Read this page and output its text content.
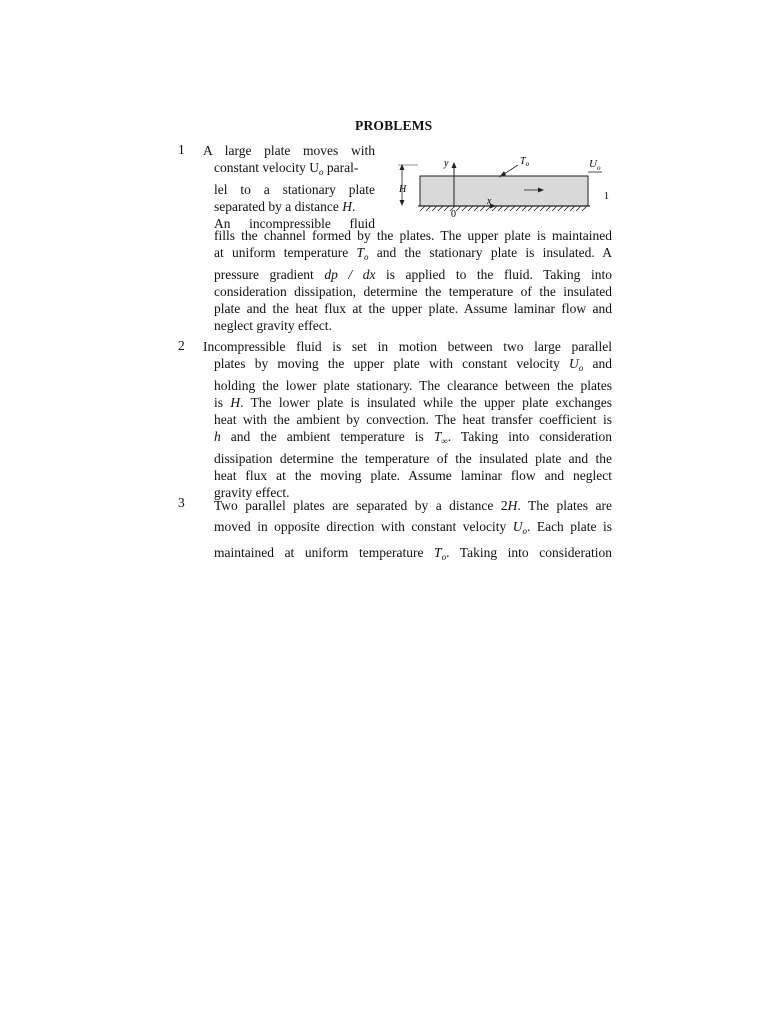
PROBLEMS
1 A large plate moves with
constant velocity $U_o$ paral-
lel to a stationary plate
separated by a distance H.
An incompressible fluid
y
x
0
H
$T_o$	$U_o$
1
fills the channel formed by the plates. The upper plate is maintained
at uniform temperature $T_o$ and the stationary plate is insulated. A
pressure gradient dp / dx is applied to the fluid. Taking into
consideration dissipation, determine the temperature of the insulated
plate and the heat flux at the upper plate. Assume laminar flow and
neglect gravity effect.
2 Incompressible fluid is set in motion between two large parallel
plates by moving the upper plate with constant velocity $U_o$ and
holding the lower plate stationary. The clearance between the plates
is H. The lower plate is insulated while the upper plate exchanges
heat with the ambient by convection. The heat transfer coefficient is
h and the ambient temperature is $T_\infty$. Taking into consideration
dissipation determine the temperature of the insulated plate and the
heat flux at the moving plate. Assume laminar flow and neglect
gravity effect.
3 Two parallel plates are separated by a distance 2H. The plates are
moved in opposite direction with constant velocity $U_o$. Each plate is
maintained at uniform temperature $T_o$. Taking into consideration
